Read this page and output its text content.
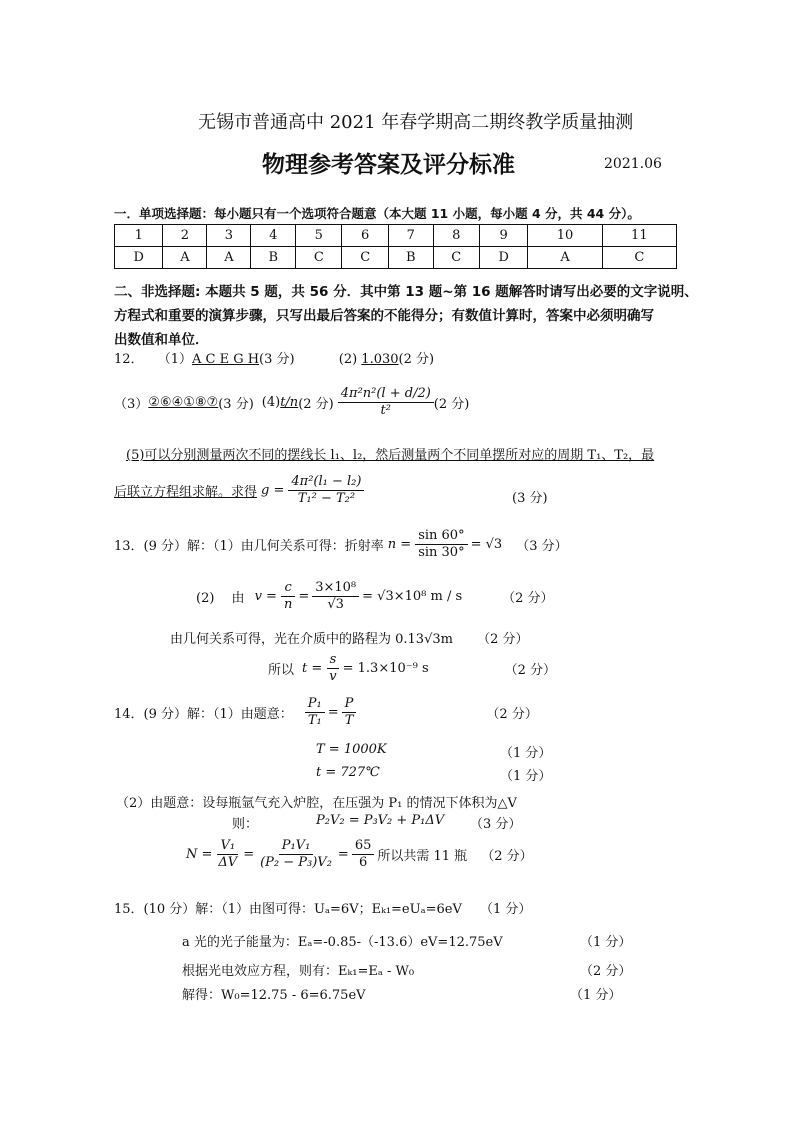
无锡市普通高中 2021 年春学期高二期终教学质量抽测
物理参考答案及评分标准	2021.06
一．单项选择题：每小题只有一个选项符合题意（本大题 11 小题，每小题 4 分，共 44 分）。
1	2	3	4	5	6	7	8	9	10	11
D	A	A	B	C	C	B	C	D	A	C
二、非选择题: 本题共 5 题，共 56 分．其中第 13 题~第 16 题解答时请写出必要的文字说明、
方程式和重要的演算步骤，只写出最后答案的不能得分；有数值计算时，答案中必须明确写
出数值和单位．
12． （1）A C E G H(3 分)	(2) 1.030(2 分)
（3） ②⑥④①⑧⑦ (3 分) (4) t/n (2 分) $\frac{\text{4π²n²(l + d/2)}}{\text{t²}} (2$ 分)
(5)可以分别测量两次不同的摆线长 l₁、l₂，然后测量两个不同单摆所对应的周期 T₁、T₂，最
后联立方程组求解。求得 $g = \frac{\text{4π²(l₁ − l₂)}}{\text{T₁² − T₂²}}$	(3 分)
13．(9 分）解：（1）由几何关系可得：折射率 $n = \frac{\sin 60^\circ}{\sin 30^\circ} = √3$ （3 分）
(2)　 由 $v = \frac{c}{n} = \frac{\text{3×10⁸}}{√3} = √3\times 10^8$ m / s	（2 分）
由几何关系可得，光在介质中的路程为 0.13√3m （2 分）
所以 $t = \frac{s}{v} = 1.3\times 10^{-9}$ s	（2 分）
14．(9 分）解：（1）由题意： $\frac{\text{P₁}}{\text{T₁}} = \frac{P}{T}$	（2 分）
T = 1000K	（1 分）
t = 727℃	（1 分）
（2）由题意：设每瓶氩气充入炉腔，在压强为 P₁ 的情况下体积为△V
则：	P₂V₂ = P₃V₂ + P₁ΔV （3 分）
$N = \frac{\text{V₁}}{\Delta V} = \frac{\text{P₁V₁}}{\text{(P₂ − P₃)V₂}} = \frac{65}{6}$ 所以共需 11 瓶 （2 分）
15．(10 分）解：（1）由图可得：Uₐ=6V；Eₖ₁=eUₐ=6eV （1 分）
a 光的光子能量为：Eₐ=-0.85-（-13.6）eV=12.75eV	（1 分）
根据光电效应方程，则有：Eₖ₁=Eₐ - W₀	（2 分）
解得：W₀=12.75 - 6=6.75eV	（1 分）
